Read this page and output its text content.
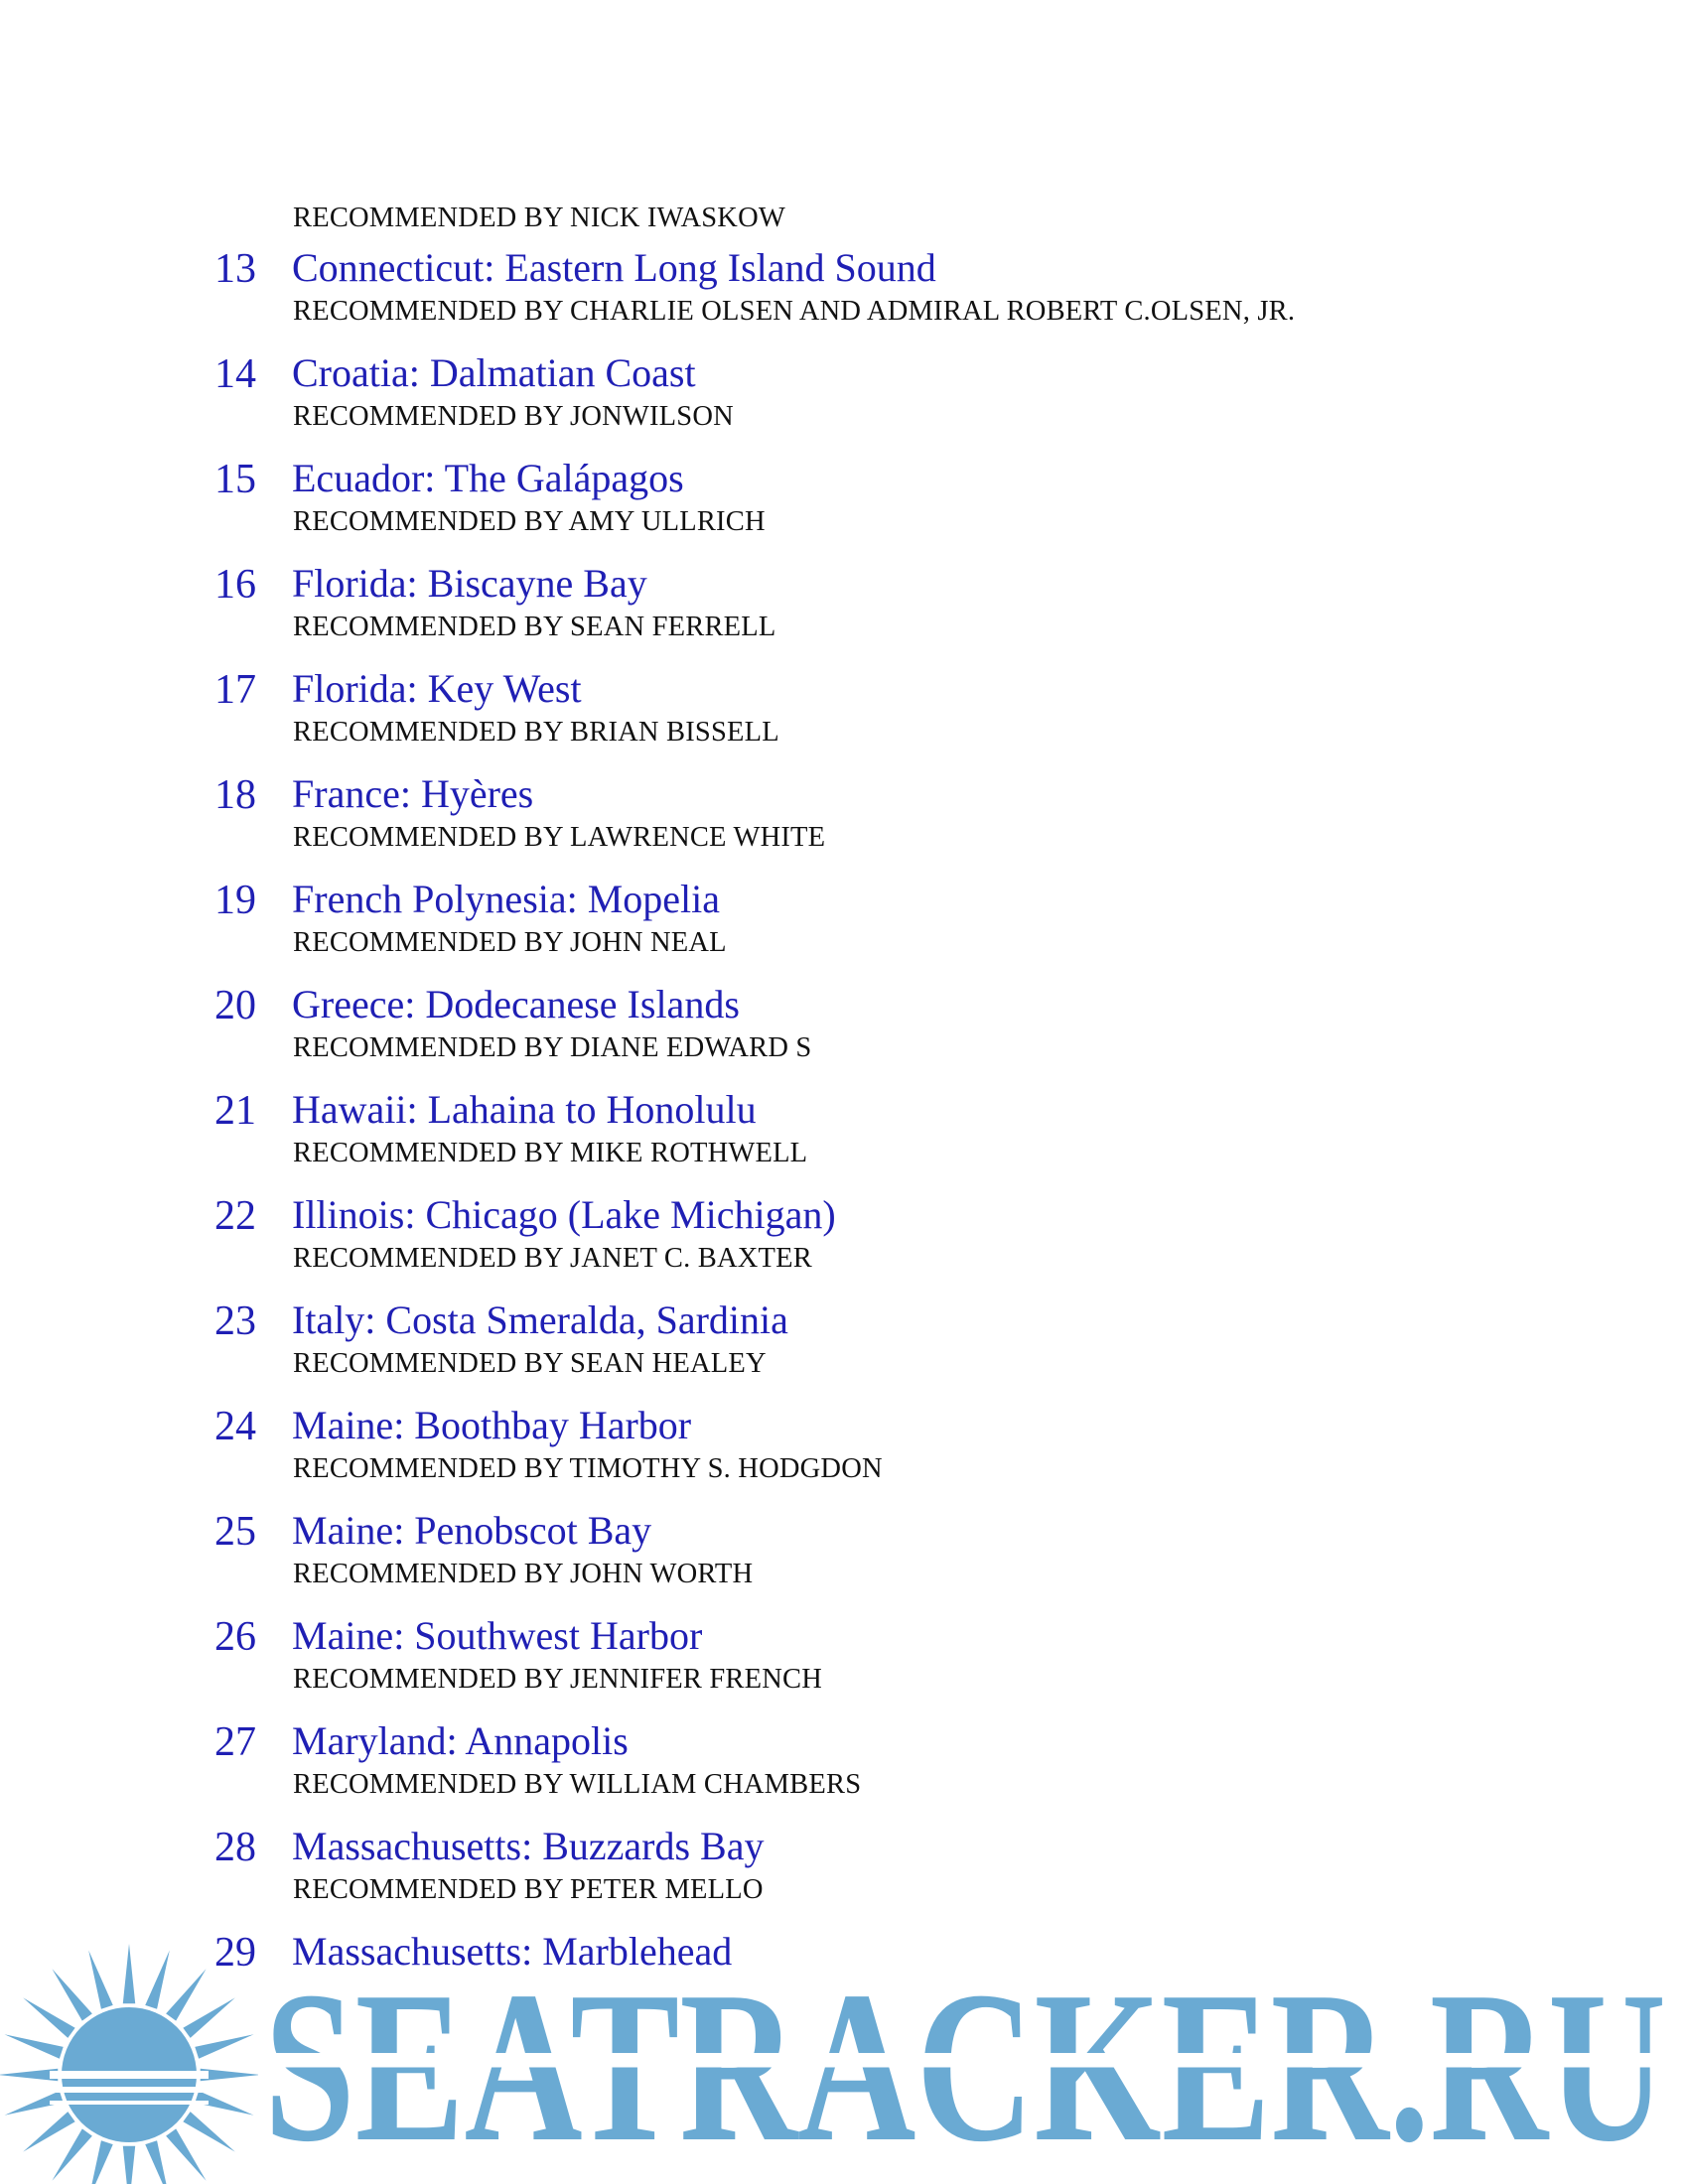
RECOMMENDED BY NICK IWASKOW
13 Connecticut: Eastern Long Island Sound
RECOMMENDED BY CHARLIE OLSEN AND ADMIRAL ROBERT C.OLSEN, JR.
14 Croatia: Dalmatian Coast
RECOMMENDED BY JONWILSON
15 Ecuador: The Galápagos
RECOMMENDED BY AMY ULLRICH
16 Florida: Biscayne Bay
RECOMMENDED BY SEAN FERRELL
17 Florida: Key West
RECOMMENDED BY BRIAN BISSELL
18 France: Hyères
RECOMMENDED BY LAWRENCE WHITE
19 French Polynesia: Mopelia
RECOMMENDED BY JOHN NEAL
20 Greece: Dodecanese Islands
RECOMMENDED BY DIANE EDWARD S
21 Hawaii: Lahaina to Honolulu
RECOMMENDED BY MIKE ROTHWELL
22 Illinois: Chicago (Lake Michigan)
RECOMMENDED BY JANET C. BAXTER
23 Italy: Costa Smeralda, Sardinia
RECOMMENDED BY SEAN HEALEY
24 Maine: Boothbay Harbor
RECOMMENDED BY TIMOTHY S. HODGDON
25 Maine: Penobscot Bay
RECOMMENDED BY JOHN WORTH
26 Maine: Southwest Harbor
RECOMMENDED BY JENNIFER FRENCH
27 Maryland: Annapolis
RECOMMENDED BY WILLIAM CHAMBERS
28 Massachusetts: Buzzards Bay
RECOMMENDED BY PETER MELLO
29 Massachusetts: Marblehead
SEATRACKER.RU
